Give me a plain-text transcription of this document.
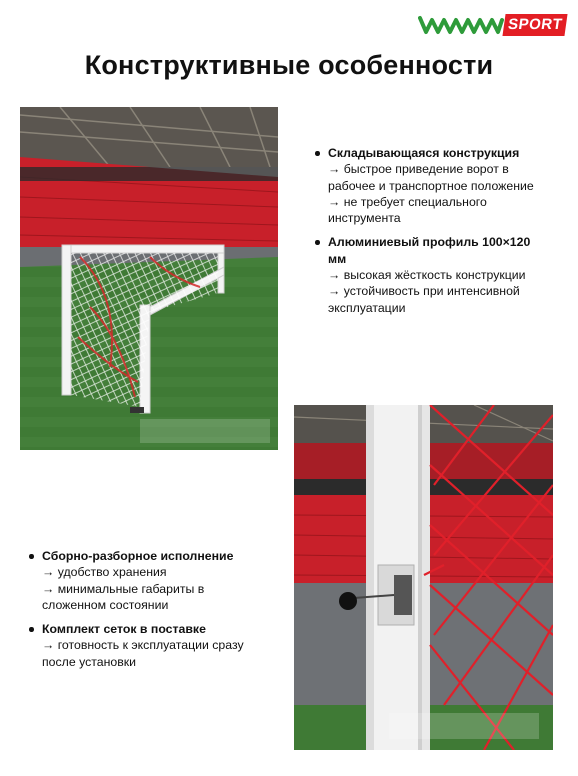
SPORT
Конструктивные особенности
Складывающаяся конструкция
→ быстрое приведение ворот в рабочее и транспортное положение
→ не требует специального инструмента
Алюминиевый профиль 100×120 мм
→ высокая жёсткость конструкции
→ устойчивость при интенсивной эксплуатации
Сборно-разборное исполнение
→ удобство хранения
→ минимальные габариты в сложенном состоянии
Комплект сеток в поставке
→ готовность к эксплуатации сразу после установки
